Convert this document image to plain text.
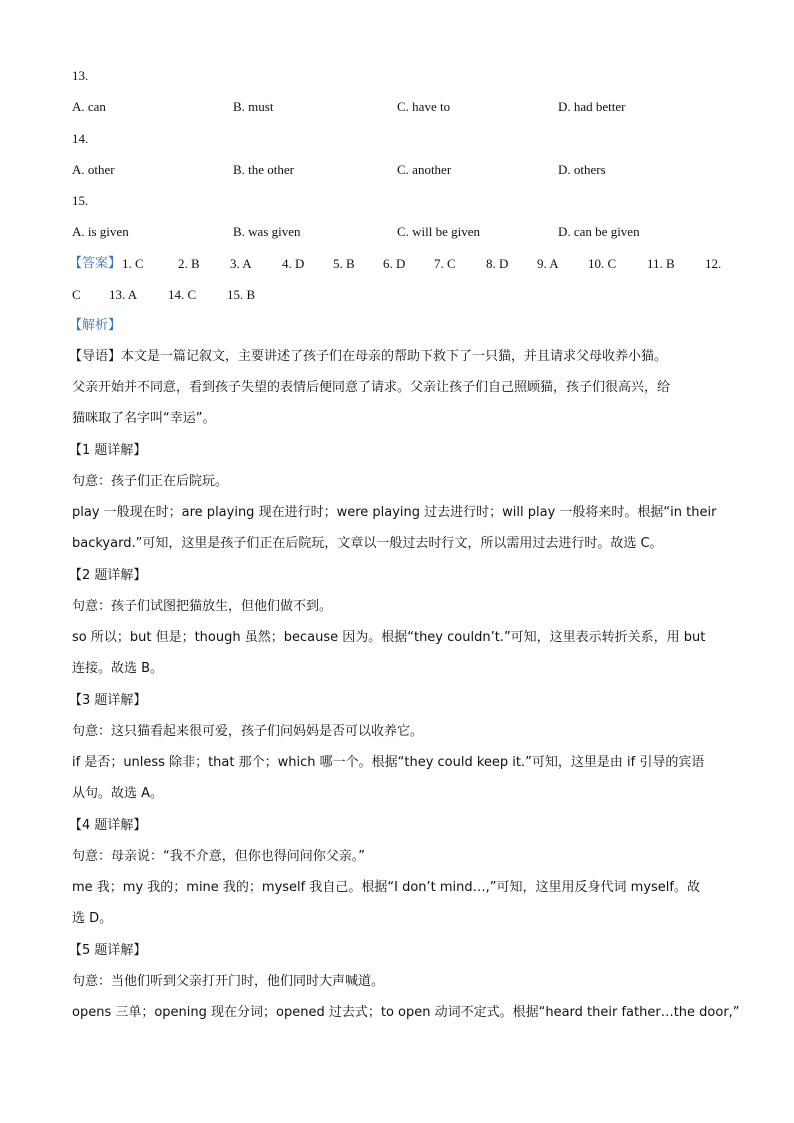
13.
A. can	B. must	C. have to	D. had better
14.
A. other	B. the other	C. another	D. others
15.
A. is given	B. was given	C. will be given	D. can be given
【答案】 1. C	2. B 3. A 4. D 5. B 6. D 7. C 8. D 9. A 10. C 11. B 12.
C 13. A 14. C 15. B
【解析】
【导语】本文是一篇记叙文，主要讲述了孩子们在母亲的帮助下救下了一只猫，并且请求父母收养小猫。
父亲开始并不同意，看到孩子失望的表情后便同意了请求。父亲让孩子们自己照顾猫，孩子们很高兴，给
猫咪取了名字叫“幸运”。
【1 题详解】
句意：孩子们正在后院玩。
play 一般现在时；are playing 现在进行时；were playing 过去进行时；will play 一般将来时。根据“in their
backyard.”可知，这里是孩子们正在后院玩，文章以一般过去时行文，所以需用过去进行时。故选 C。
【2 题详解】
句意：孩子们试图把猫放生，但他们做不到。
so 所以；but 但是；though 虽然；because 因为。根据“they couldn’t.”可知，这里表示转折关系，用 but
连接。故选 B。
【3 题详解】
句意：这只猫看起来很可爱，孩子们问妈妈是否可以收养它。
if 是否；unless 除非；that 那个；which 哪一个。根据“they could keep it.”可知，这里是由 if 引导的宾语
从句。故选 A。
【4 题详解】
句意：母亲说：“我不介意，但你也得问问你父亲。”
me 我；my 我的；mine 我的；myself 我自己。根据“I don’t mind…,”可知，这里用反身代词 myself。故
选 D。
【5 题详解】
句意：当他们听到父亲打开门时，他们同时大声喊道。
opens 三单；opening 现在分词；opened 过去式；to open 动词不定式。根据“heard their father…the door,”
